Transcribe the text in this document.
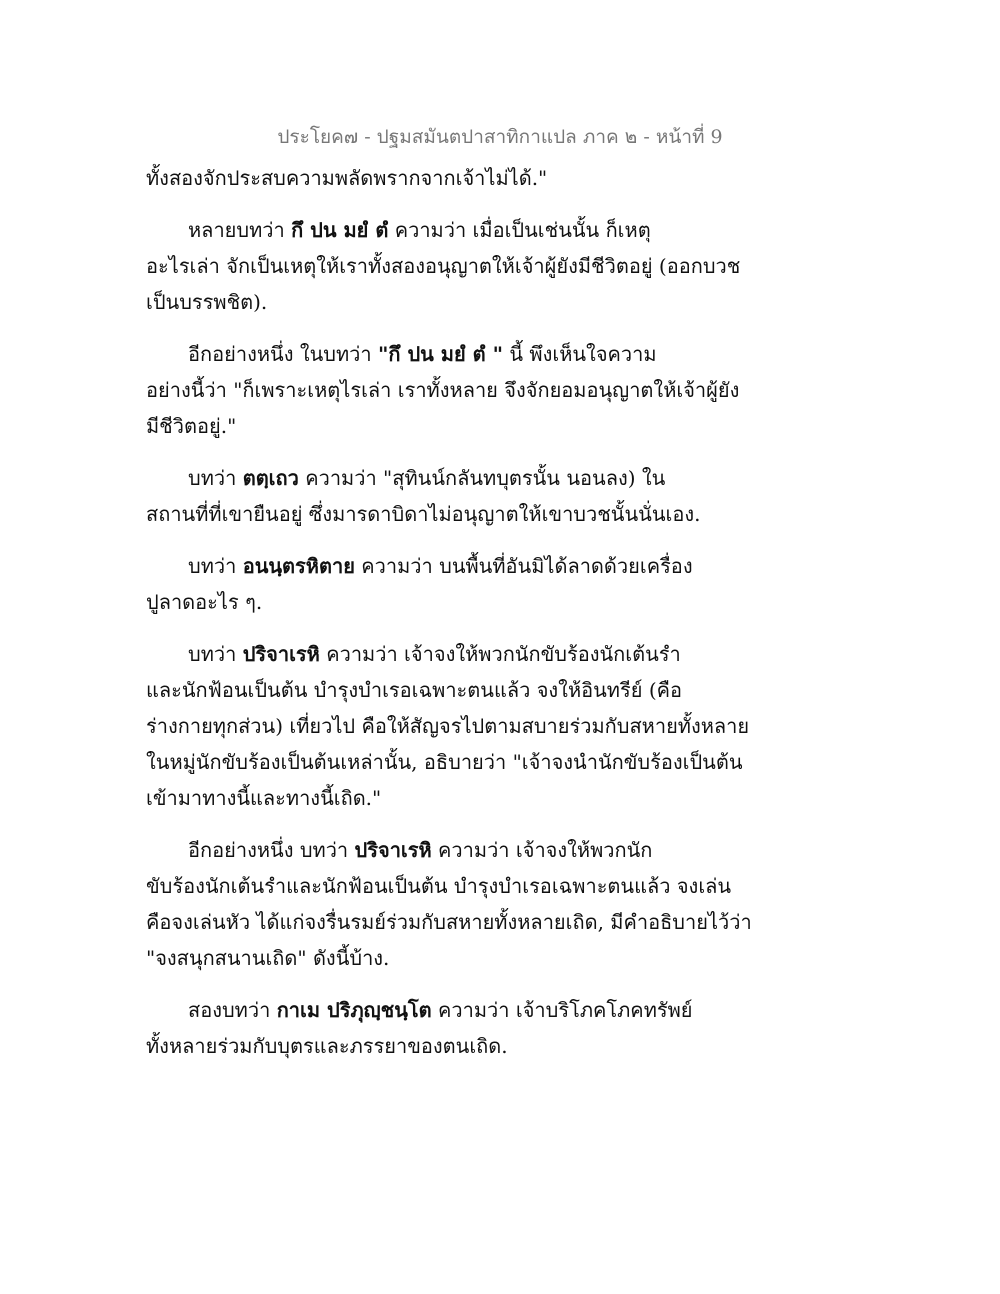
ประโยค๗ - ปฐมสมันตปาสาทิกาแปล ภาค ๒ - หน้าที่ 9
ทั้งสองจักประสบความพลัดพรากจากเจ้าไม่ได้."
หลายบทว่า กึ ปน มยํ ตํ ความว่า เมื่อเป็นเช่นนั้น ก็เหตุ
อะไรเล่า จักเป็นเหตุให้เราทั้งสองอนุญาตให้เจ้าผู้ยังมีชีวิตอยู่ (ออกบวช
เป็นบรรพชิต).
อีกอย่างหนึ่ง ในบทว่า "กึ ปน มยํ ตํ " นี้ พึงเห็นใจความ
อย่างนี้ว่า "ก็เพราะเหตุไรเล่า เราทั้งหลาย จึงจักยอมอนุญาตให้เจ้าผู้ยัง
มีชีวิตอยู่."
บทว่า ตตฺเถว ความว่า "สุทินน์กลันทบุตรนั้น นอนลง) ใน
สถานที่ที่เขายืนอยู่ ซึ่งมารดาบิดาไม่อนุญาตให้เขาบวชนั้นนั่นเอง.
บทว่า อนนฺตรหิตาย ความว่า บนพื้นที่อันมิได้ลาดด้วยเครื่อง
ปูลาดอะไร ๆ.
บทว่า ปริจาเรหิ ความว่า เจ้าจงให้พวกนักขับร้องนักเต้นรำ
และนักฟ้อนเป็นต้น บำรุงบำเรอเฉพาะตนแล้ว จงให้อินทรีย์ (คือ
ร่างกายทุกส่วน) เที่ยวไป คือให้สัญจรไปตามสบายร่วมกับสหายทั้งหลาย
ในหมู่นักขับร้องเป็นต้นเหล่านั้น, อธิบายว่า "เจ้าจงนำนักขับร้องเป็นต้น
เข้ามาทางนี้และทางนี้เถิด."
อีกอย่างหนึ่ง บทว่า ปริจาเรหิ ความว่า เจ้าจงให้พวกนัก
ขับร้องนักเต้นรำและนักฟ้อนเป็นต้น บำรุงบำเรอเฉพาะตนแล้ว จงเล่น
คือจงเล่นหัว ได้แก่จงรื่นรมย์ร่วมกับสหายทั้งหลายเถิด, มีคำอธิบายไว้ว่า
"จงสนุกสนานเถิด" ดังนี้บ้าง.
สองบทว่า กาเม ปริภุญฺชนฺโต ความว่า เจ้าบริโภคโภคทรัพย์
ทั้งหลายร่วมกับบุตรและภรรยาของตนเถิด.
